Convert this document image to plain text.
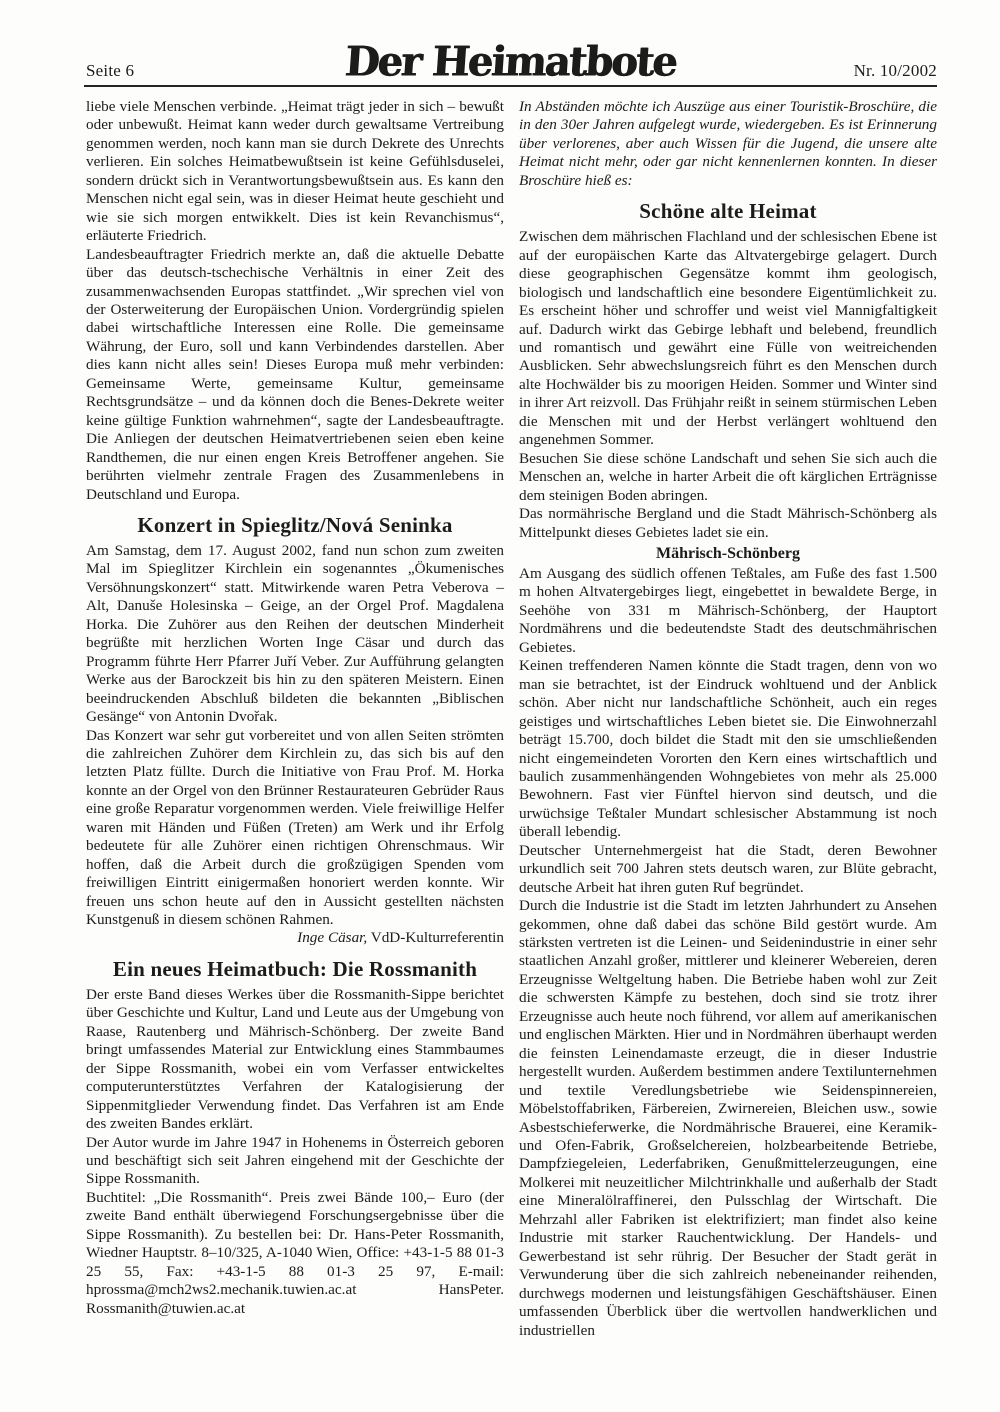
Seite 6	Der Heimatbote	Nr. 10/2002

liebe viele Menschen verbinde. „Heimat trägt jeder in sich – bewußt oder unbewußt. Heimat kann weder durch gewaltsame Vertreibung genommen werden, noch kann man sie durch Dekrete des Unrechts verlieren. Ein solches Heimatbewußtsein ist keine Gefühlsduselei, sondern drückt sich in Verantwortungsbewußtsein aus. Es kann den Menschen nicht egal sein, was in dieser Heimat heute geschieht und wie sie sich morgen entwikkelt. Dies ist kein Revanchismus“, erläuterte Friedrich.

Landesbeauftragter Friedrich merkte an, daß die aktuelle Debatte über das deutsch-tschechische Verhältnis in einer Zeit des zusammenwachsenden Europas stattfindet. „Wir sprechen viel von der Osterweiterung der Europäischen Union. Vordergründig spielen dabei wirtschaftliche Interessen eine Rolle. Die gemeinsame Währung, der Euro, soll und kann Verbindendes darstellen. Aber dies kann nicht alles sein! Dieses Europa muß mehr verbinden: Gemeinsame Werte, gemeinsame Kultur, gemeinsame Rechtsgrundsätze – und da können doch die Benes-Dekrete weiter keine gültige Funktion wahrnehmen“, sagte der Landesbeauftragte. Die Anliegen der deutschen Heimatvertriebenen seien eben keine Randthemen, die nur einen engen Kreis Betroffener angehen. Sie berührten vielmehr zentrale Fragen des Zusammenlebens in Deutschland und Europa.

Konzert in Spieglitz/Nová Seninka

Am Samstag, dem 17. August 2002, fand nun schon zum zweiten Mal im Spieglitzer Kirchlein ein sogenanntes „Ökumenisches Versöhnungskonzert“ statt. Mitwirkende waren Petra Veberova – Alt, Danuše Holesinska – Geige, an der Orgel Prof. Magdalena Horka. Die Zuhörer aus den Reihen der deutschen Minderheit begrüßte mit herzlichen Worten Inge Cäsar und durch das Programm führte Herr Pfarrer Juří Veber. Zur Aufführung gelangten Werke aus der Barockzeit bis hin zu den späteren Meistern. Einen beeindruckenden Abschluß bildeten die bekannten „Biblischen Gesänge“ von Antonin Dvořak.

Das Konzert war sehr gut vorbereitet und von allen Seiten strömten die zahlreichen Zuhörer dem Kirchlein zu, das sich bis auf den letzten Platz füllte. Durch die Initiative von Frau Prof. M. Horka konnte an der Orgel von den Brünner Restaurateuren Gebrüder Raus eine große Reparatur vorgenommen werden. Viele freiwillige Helfer waren mit Händen und Füßen (Treten) am Werk und ihr Erfolg bedeutete für alle Zuhörer einen richtigen Ohrenschmaus. Wir hoffen, daß die Arbeit durch die großzügigen Spenden vom freiwilligen Eintritt einigermaßen honoriert werden konnte. Wir freuen uns schon heute auf den in Aussicht gestellten nächsten Kunstgenuß in diesem schönen Rahmen.

Inge Cäsar, VdD-Kulturreferentin

Ein neues Heimatbuch: Die Rossmanith

Der erste Band dieses Werkes über die Rossmanith-Sippe berichtet über Geschichte und Kultur, Land und Leute aus der Umgebung von Raase, Rautenberg und Mährisch-Schönberg. Der zweite Band bringt umfassendes Material zur Entwicklung eines Stammbaumes der Sippe Rossmanith, wobei ein vom Verfasser entwickeltes computerunterstütztes Verfahren der Katalogisierung der Sippenmitglieder Verwendung findet. Das Verfahren ist am Ende des zweiten Bandes erklärt.

Der Autor wurde im Jahre 1947 in Hohenems in Österreich geboren und beschäftigt sich seit Jahren eingehend mit der Geschichte der Sippe Rossmanith.

Buchtitel: „Die Rossmanith“. Preis zwei Bände 100,– Euro (der zweite Band enthält überwiegend Forschungsergebnisse über die Sippe Rossmanith). Zu bestellen bei: Dr. Hans-Peter Rossmanith, Wiedner Hauptstr. 8–10/325, A-1040 Wien, Office: +43-1-5 88 01-3 25 55, Fax: +43-1-5 88 01-3 25 97, E-mail: hprossma@mch2ws2.mechanik.tuwien.ac.at HansPeter. Rossmanith@tuwien.ac.at

In Abständen möchte ich Auszüge aus einer Touristik-Broschüre, die in den 30er Jahren aufgelegt wurde, wiedergeben. Es ist Erinnerung über verlorenes, aber auch Wissen für die Jugend, die unsere alte Heimat nicht mehr, oder gar nicht kennenlernen konnten. In dieser Broschüre hieß es:

Schöne alte Heimat

Zwischen dem mährischen Flachland und der schlesischen Ebene ist auf der europäischen Karte das Altvatergebirge gelagert. Durch diese geographischen Gegensätze kommt ihm geologisch, biologisch und landschaftlich eine besondere Eigentümlichkeit zu. Es erscheint höher und schroffer und weist viel Mannigfaltigkeit auf. Dadurch wirkt das Gebirge lebhaft und belebend, freundlich und romantisch und gewährt eine Fülle von weitreichenden Ausblicken. Sehr abwechslungsreich führt es den Menschen durch alte Hochwälder bis zu moorigen Heiden. Sommer und Winter sind in ihrer Art reizvoll. Das Frühjahr reißt in seinem stürmischen Leben die Menschen mit und der Herbst verlängert wohltuend den angenehmen Sommer.

Besuchen Sie diese schöne Landschaft und sehen Sie sich auch die Menschen an, welche in harter Arbeit die oft kärglichen Erträgnisse dem steinigen Boden abringen.

Das normährische Bergland und die Stadt Mährisch-Schönberg als Mittelpunkt dieses Gebietes ladet sie ein.

Mährisch-Schönberg

Am Ausgang des südlich offenen Teßtales, am Fuße des fast 1.500 m hohen Altvatergebirges liegt, eingebettet in bewaldete Berge, in Seehöhe von 331 m Mährisch-Schönberg, der Hauptort Nordmährens und die bedeutendste Stadt des deutschmährischen Gebietes.

Keinen treffenderen Namen könnte die Stadt tragen, denn von wo man sie betrachtet, ist der Eindruck wohltuend und der Anblick schön. Aber nicht nur landschaftliche Schönheit, auch ein reges geistiges und wirtschaftliches Leben bietet sie. Die Einwohnerzahl beträgt 15.700, doch bildet die Stadt mit den sie umschließenden nicht eingemeindeten Vororten den Kern eines wirtschaftlich und baulich zusammenhängenden Wohngebietes von mehr als 25.000 Bewohnern. Fast vier Fünftel hiervon sind deutsch, und die urwüchsige Teßtaler Mundart schlesischer Abstammung ist noch überall lebendig.

Deutscher Unternehmergeist hat die Stadt, deren Bewohner urkundlich seit 700 Jahren stets deutsch waren, zur Blüte gebracht, deutsche Arbeit hat ihren guten Ruf begründet.

Durch die Industrie ist die Stadt im letzten Jahrhundert zu Ansehen gekommen, ohne daß dabei das schöne Bild gestört wurde. Am stärksten vertreten ist die Leinen- und Seidenindustrie in einer sehr staatlichen Anzahl großer, mittlerer und kleinerer Webereien, deren Erzeugnisse Weltgeltung haben. Die Betriebe haben wohl zur Zeit die schwersten Kämpfe zu bestehen, doch sind sie trotz ihrer Erzeugnisse auch heute noch führend, vor allem auf amerikanischen und englischen Märkten. Hier und in Nordmähren überhaupt werden die feinsten Leinendamaste erzeugt, die in dieser Industrie hergestellt wurden. Außerdem bestimmen andere Textilunternehmen und textile Veredlungsbetriebe wie Seidenspinnereien, Möbelstoffabriken, Färbereien, Zwirnereien, Bleichen usw., sowie Asbestschieferwerke, die Nordmährische Brauerei, eine Keramik- und Ofen-Fabrik, Großselchereien, holzbearbeitende Betriebe, Dampfziegeleien, Lederfabriken, Genußmittelerzeugungen, eine Molkerei mit neuzeitlicher Milchtrinkhalle und außerhalb der Stadt eine Mineralölraffinerei, den Pulsschlag der Wirtschaft. Die Mehrzahl aller Fabriken ist elektrifiziert; man findet also keine Industrie mit starker Rauchentwicklung. Der Handels- und Gewerbestand ist sehr rührig. Der Besucher der Stadt gerät in Verwunderung über die sich zahlreich nebeneinander reihenden, durchwegs modernen und leistungsfähigen Geschäftshäuser. Einen umfassenden Überblick über die wertvollen handwerklichen und industriellen
